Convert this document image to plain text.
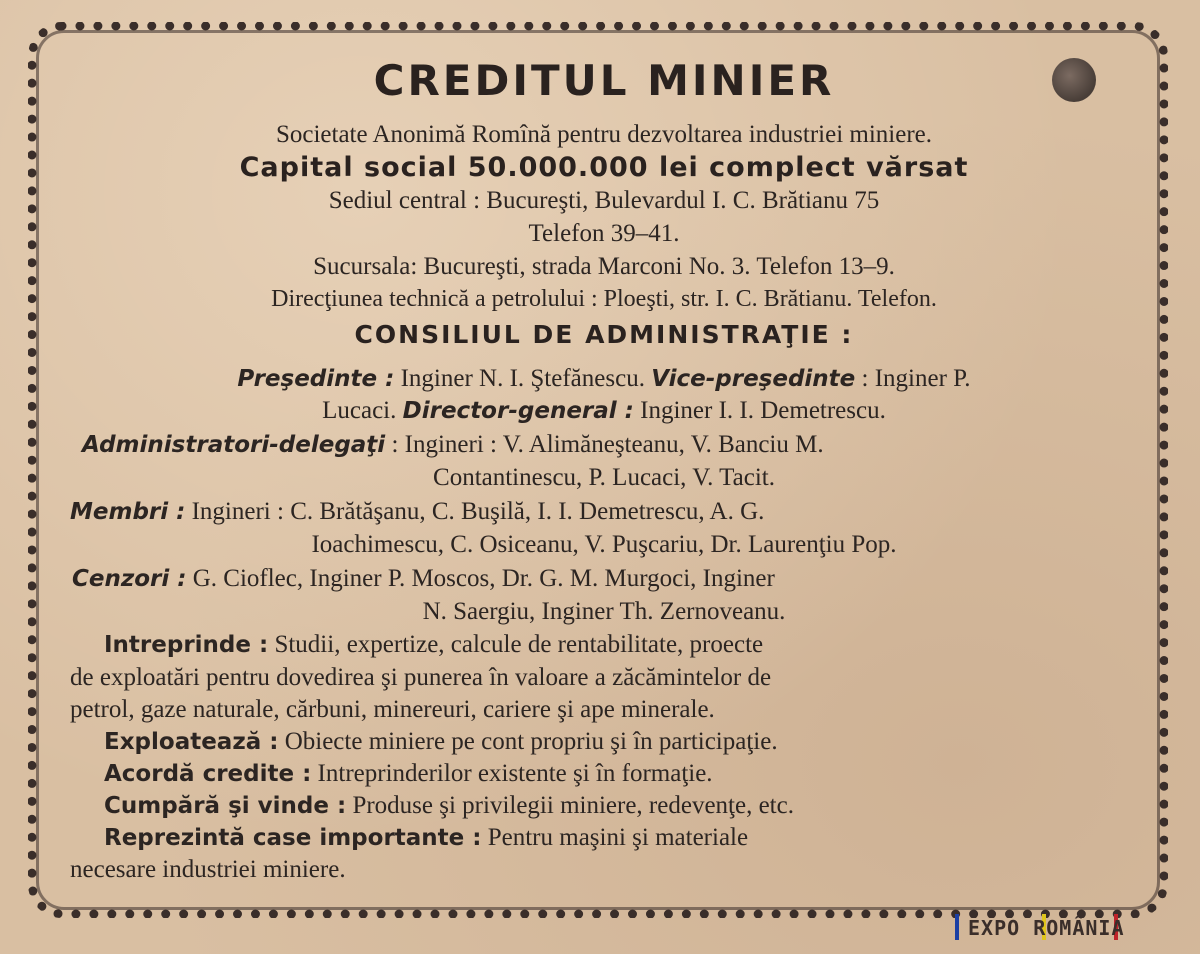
CREDITUL MINIER
Societate Anonimă Romînă pentru dezvoltarea industriei miniere.
Capital social 50.000.000 lei complect vărsat
Sediul central : Bucureşti, Bulevardul I. C. Brătianu 75
Telefon 39–41.
Sucursala: Bucureşti, strada Marconi No. 3. Telefon 13–9.
Direcţiunea technică a petrolului : Ploeşti, str. I. C. Brătianu. Telefon.
CONSILIUL DE ADMINISTRAŢIE :
Preşedinte : Inginer N. I. Ştefănescu. Vice-preşedinte : Inginer P.
Lucaci. Director-general : Inginer I. I. Demetrescu.
Administratori-delegaţi : Ingineri : V. Alimăneşteanu, V. Banciu M.
Contantinescu, P. Lucaci, V. Tacit.
Membri : Ingineri : C. Brătăşanu, C. Buşilă, I. I. Demetrescu, A. G.
Ioachimescu, C. Osiceanu, V. Puşcariu, Dr. Laurenţiu Pop.
Cenzori : G. Cioflec, Inginer P. Moscos, Dr. G. M. Murgoci, Inginer
N. Saergiu, Inginer Th. Zernoveanu.
Intreprinde : Studii, expertize, calcule de rentabilitate, proecte
de exploatări pentru dovedirea şi punerea în valoare a zăcămintelor de
petrol, gaze naturale, cărbuni, minereuri, cariere şi ape minerale.
Exploatează : Obiecte miniere pe cont propriu şi în participaţie.
Acordă credite : Intreprinderilor existente şi în formaţie.
Cumpără şi vinde : Produse şi privilegii miniere, redevenţe, etc.
Reprezintă case importante : Pentru maşini şi materiale
necesare industriei miniere.
EXPO ROMÂNIA
